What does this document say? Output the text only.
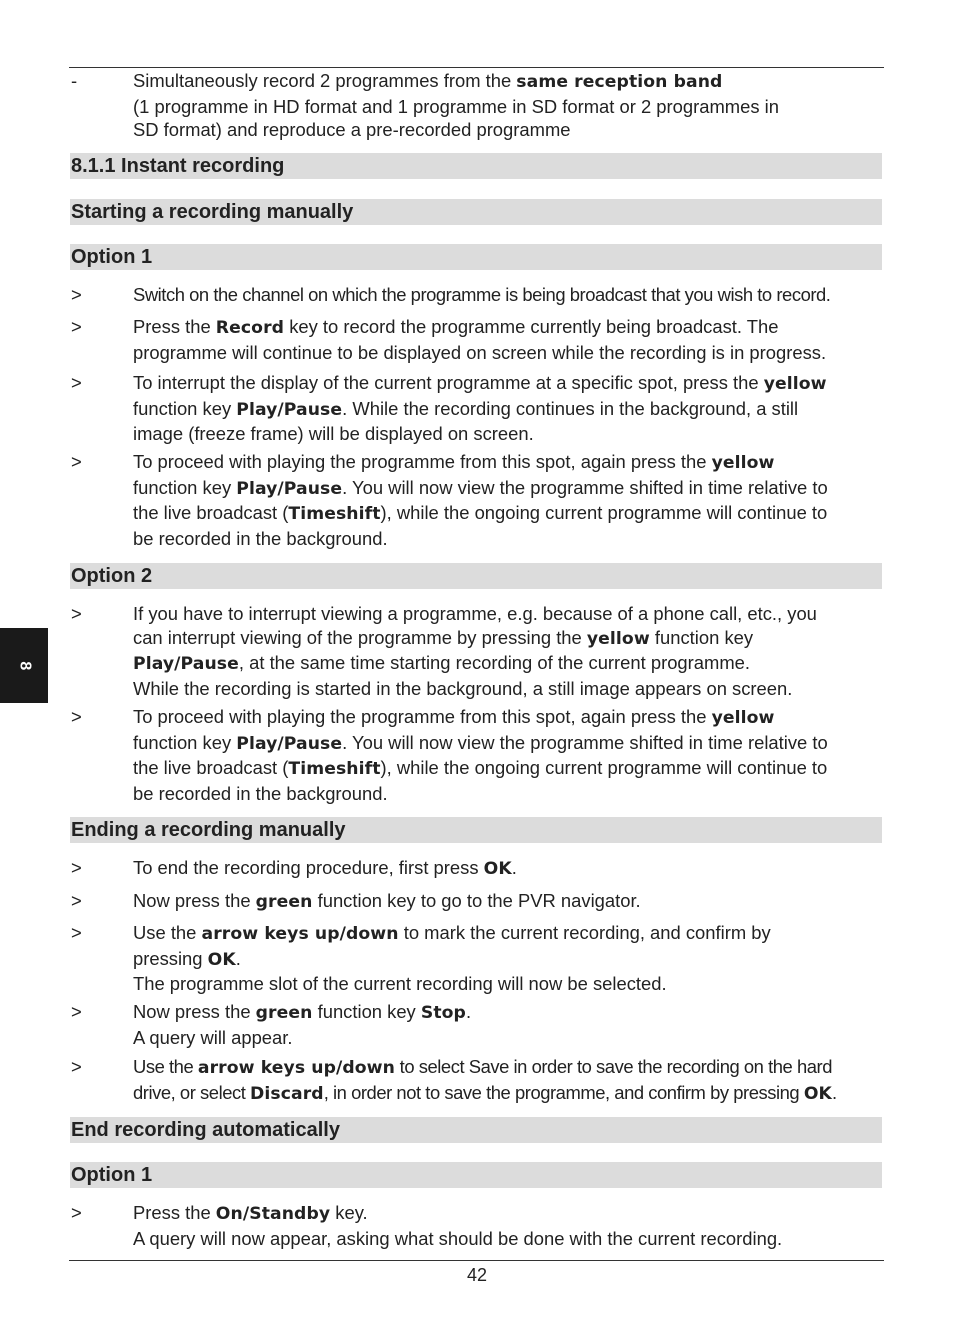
8
-	Simultaneously record 2 programmes from the same reception band
(1 programme in HD format and 1 programme in SD format or 2 programmes in
SD format) and reproduce a pre-recorded programme
8.1.1 Instant recording
Starting a recording manually
Option 1
>	Switch on the channel on which the programme is being broadcast that you wish to record.
>	Press the Record key to record the programme currently being broadcast. The
programme will continue to be displayed on screen while the recording is in progress.
>	To interrupt the display of the current programme at a specific spot, press the yellow
function key Play/Pause. While the recording continues in the background, a still
image (freeze frame) will be displayed on screen.
>	To proceed with playing the programme from this spot, again press the yellow
function key Play/Pause. You will now view the programme shifted in time relative to
the live broadcast (Timeshift), while the ongoing current programme will continue to
be recorded in the background.
Option 2
>	If you have to interrupt viewing a programme, e.g. because of a phone call, etc., you
can interrupt viewing of the programme by pressing the yellow function key
Play/Pause, at the same time starting recording of the current programme.
While the recording is started in the background, a still image appears on screen.
>	To proceed with playing the programme from this spot, again press the yellow
function key Play/Pause. You will now view the programme shifted in time relative to
the live broadcast (Timeshift), while the ongoing current programme will continue to
be recorded in the background.
Ending a recording manually
>	To end the recording procedure, first press OK.
>	Now press the green function key to go to the PVR navigator.
>	Use the arrow keys up/down to mark the current recording, and confirm by
pressing OK.
The programme slot of the current recording will now be selected.
>	Now press the green function key Stop.
A query will appear.
>	Use the arrow keys up/down to select Save in order to save the recording on the hard
drive, or select Discard, in order not to save the programme, and confirm by pressing OK.
End recording automatically
Option 1
>	Press the On/Standby key.
A query will now appear, asking what should be done with the current recording.
42
